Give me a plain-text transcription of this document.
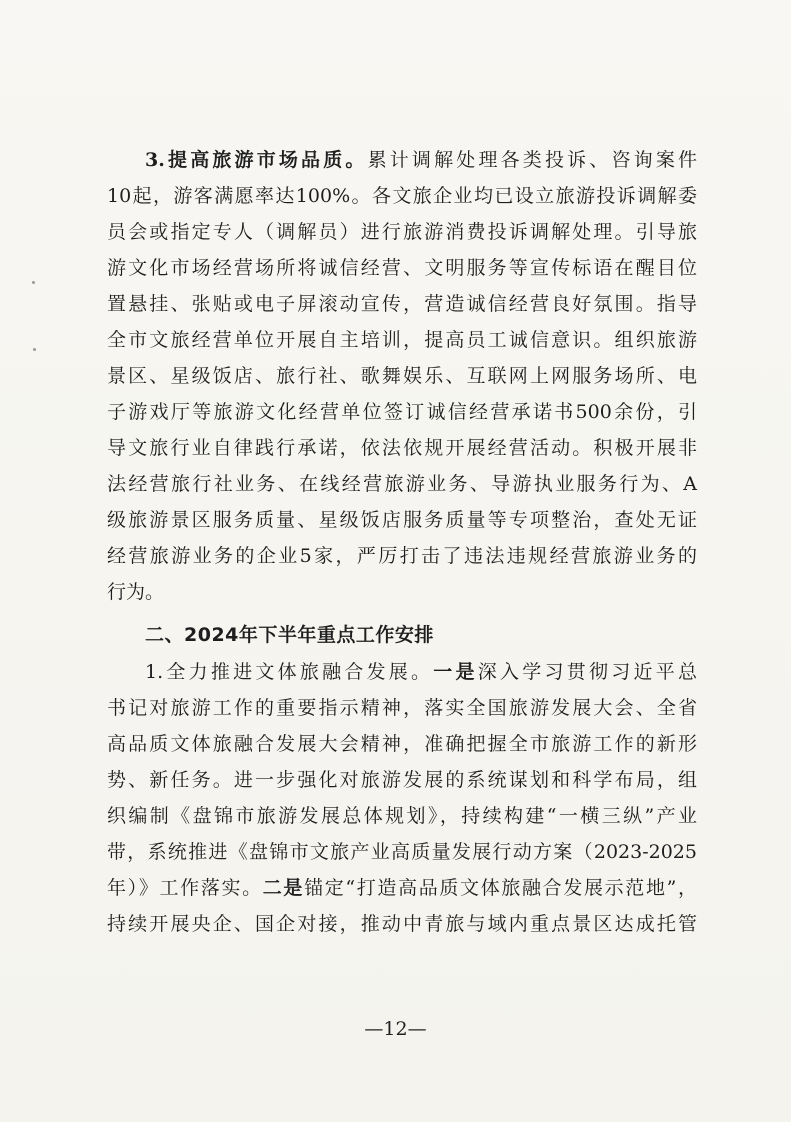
3.提高旅游市场品质。累计调解处理各类投诉、咨询案件
10起，游客满愿率达100%。各文旅企业均已设立旅游投诉调解委
员会或指定专人（调解员）进行旅游消费投诉调解处理。引导旅
游文化市场经营场所将诚信经营、文明服务等宣传标语在醒目位
置悬挂、张贴或电子屏滚动宣传，营造诚信经营良好氛围。指导
全市文旅经营单位开展自主培训，提高员工诚信意识。组织旅游
景区、星级饭店、旅行社、歌舞娱乐、互联网上网服务场所、电
子游戏厅等旅游文化经营单位签订诚信经营承诺书500余份，引
导文旅行业自律践行承诺，依法依规开展经营活动。积极开展非
法经营旅行社业务、在线经营旅游业务、导游执业服务行为、A
级旅游景区服务质量、星级饭店服务质量等专项整治，查处无证
经营旅游业务的企业5家，严厉打击了违法违规经营旅游业务的
行为。
二、2024年下半年重点工作安排
1.全力推进文体旅融合发展。一是深入学习贯彻习近平总
书记对旅游工作的重要指示精神，落实全国旅游发展大会、全省
高品质文体旅融合发展大会精神，准确把握全市旅游工作的新形
势、新任务。进一步强化对旅游发展的系统谋划和科学布局，组
织编制《盘锦市旅游发展总体规划》，持续构建“一横三纵”产业
带，系统推进《盘锦市文旅产业高质量发展行动方案（2023-2025
年）》工作落实。二是锚定“打造高品质文体旅融合发展示范地”，
持续开展央企、国企对接，推动中青旅与域内重点景区达成托管
—12—
